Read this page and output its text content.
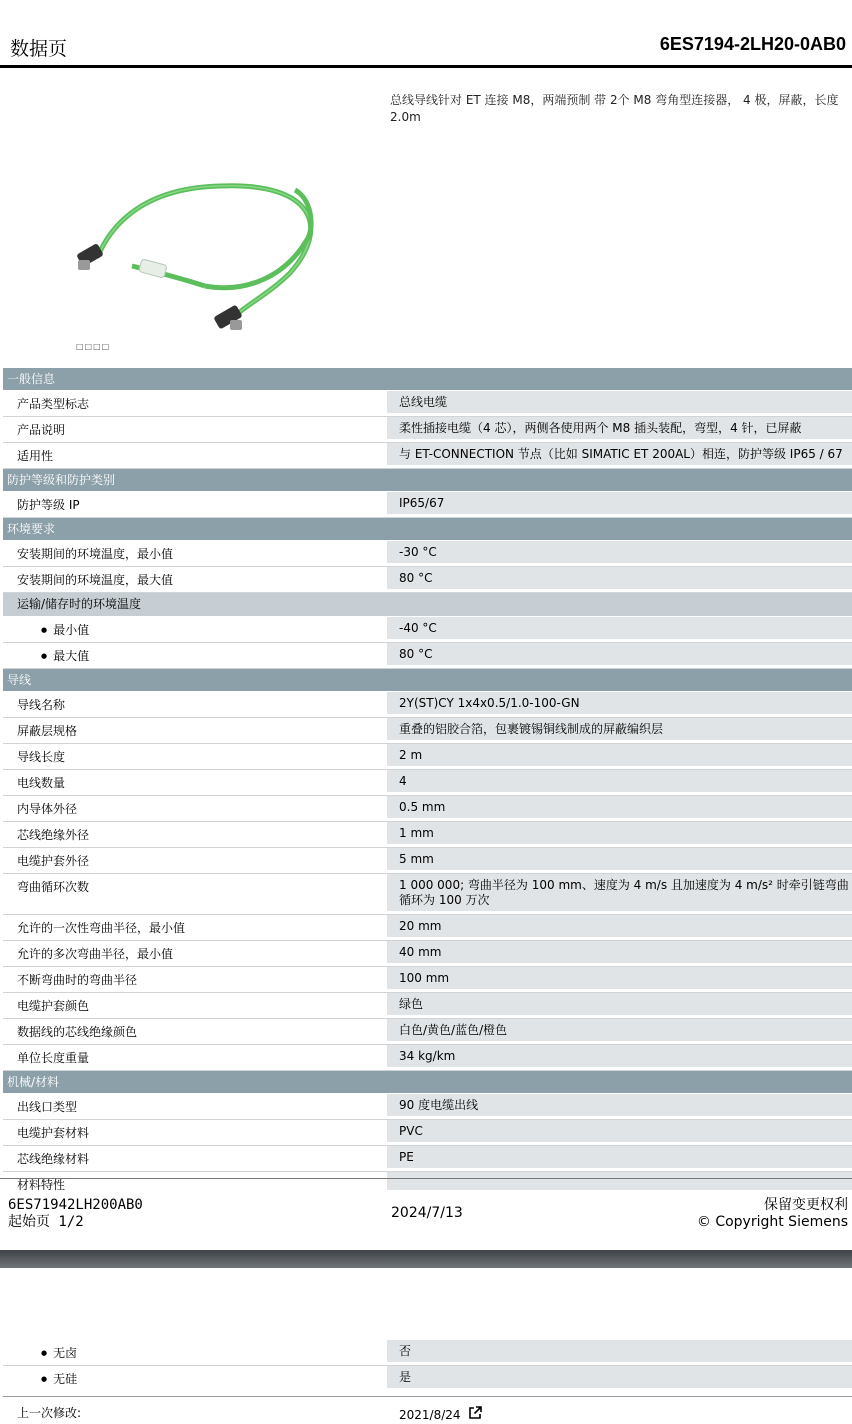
数据页	6ES7194-2LH20-0AB0
总线导线针对 ET 连接 M8，两端预制 带 2个 M8 弯角型连接器， 4 极，屏蔽，长度 2.0m
□□□□
一般信息
产品类型标志	总线电缆
产品说明	柔性插接电缆（4 芯），两侧各使用两个 M8 插头装配，弯型，4 针，已屏蔽
适用性	与 ET-CONNECTION 节点（比如 SIMATIC ET 200AL）相连，防护等级 IP65 / 67
防护等级和防护类别
防护等级 IP	IP65/67
环境要求
安装期间的环境温度，最小值	-30 °C
安装期间的环境温度，最大值	80 °C
运输/储存时的环境温度
● 最小值	-40 °C
● 最大值	80 °C
导线
导线名称	2Y(ST)CY 1x4x0.5/1.0-100-GN
屏蔽层规格	重叠的铝胶合箔，包裹镀锡铜线制成的屏蔽编织层
导线长度	2 m
电线数量	4
内导体外径	0.5 mm
芯线绝缘外径	1 mm
电缆护套外径	5 mm
弯曲循环次数	1 000 000; 弯曲半径为 100 mm、速度为 4 m/s 且加速度为 4 m/s² 时牵引链弯曲循环为 100 万次
允许的一次性弯曲半径，最小值	20 mm
允许的多次弯曲半径，最小值	40 mm
不断弯曲时的弯曲半径	100 mm
电缆护套颜色	绿色
数据线的芯线绝缘颜色	白色/黄色/蓝色/橙色
单位长度重量	34 kg/km
机械/材料
出线口类型	90 度电缆出线
电缆护套材料	PVC
芯线绝缘材料	PE
材料特性
6ES71942LH200AB0
起始页 1/2
2024/7/13	保留变更权利
© Copyright Siemens
● 无卤	否
● 无硅	是
上一次修改:	2021/8/24
